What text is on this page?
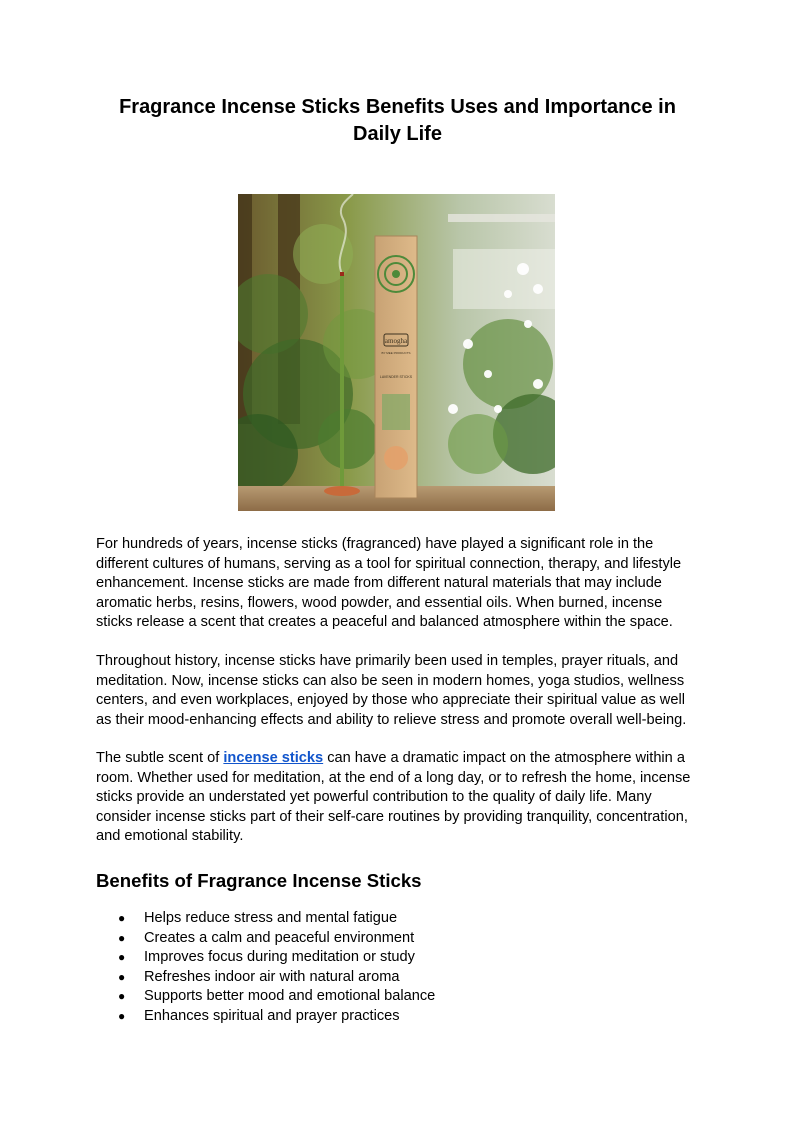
Fragrance Incense Sticks Benefits Uses and Importance in Daily Life
amogha
BY MEE PRODUCTS
LAVENDER STICKS

For hundreds of years, incense sticks (fragranced) have played a significant role in the different cultures of humans, serving as a tool for spiritual connection, therapy, and lifestyle enhancement. Incense sticks are made from different natural materials that may include aromatic herbs, resins, flowers, wood powder, and essential oils. When burned, incense sticks release a scent that creates a peaceful and balanced atmosphere within the space.

Throughout history, incense sticks have primarily been used in temples, prayer rituals, and meditation. Now, incense sticks can also be seen in modern homes, yoga studios, wellness centers, and even workplaces, enjoyed by those who appreciate their spiritual value as well as their mood-enhancing effects and ability to relieve stress and promote overall well-being.

The subtle scent of incense sticks can have a dramatic impact on the atmosphere within a room. Whether used for meditation, at the end of a long day, or to refresh the home, incense sticks provide an understated yet powerful contribution to the quality of daily life. Many consider incense sticks part of their self-care routines by providing tranquility, concentration, and emotional stability.

Benefits of Fragrance Incense Sticks
● Helps reduce stress and mental fatigue
● Creates a calm and peaceful environment
● Improves focus during meditation or study
● Refreshes indoor air with natural aroma
● Supports better mood and emotional balance
● Enhances spiritual and prayer practices
